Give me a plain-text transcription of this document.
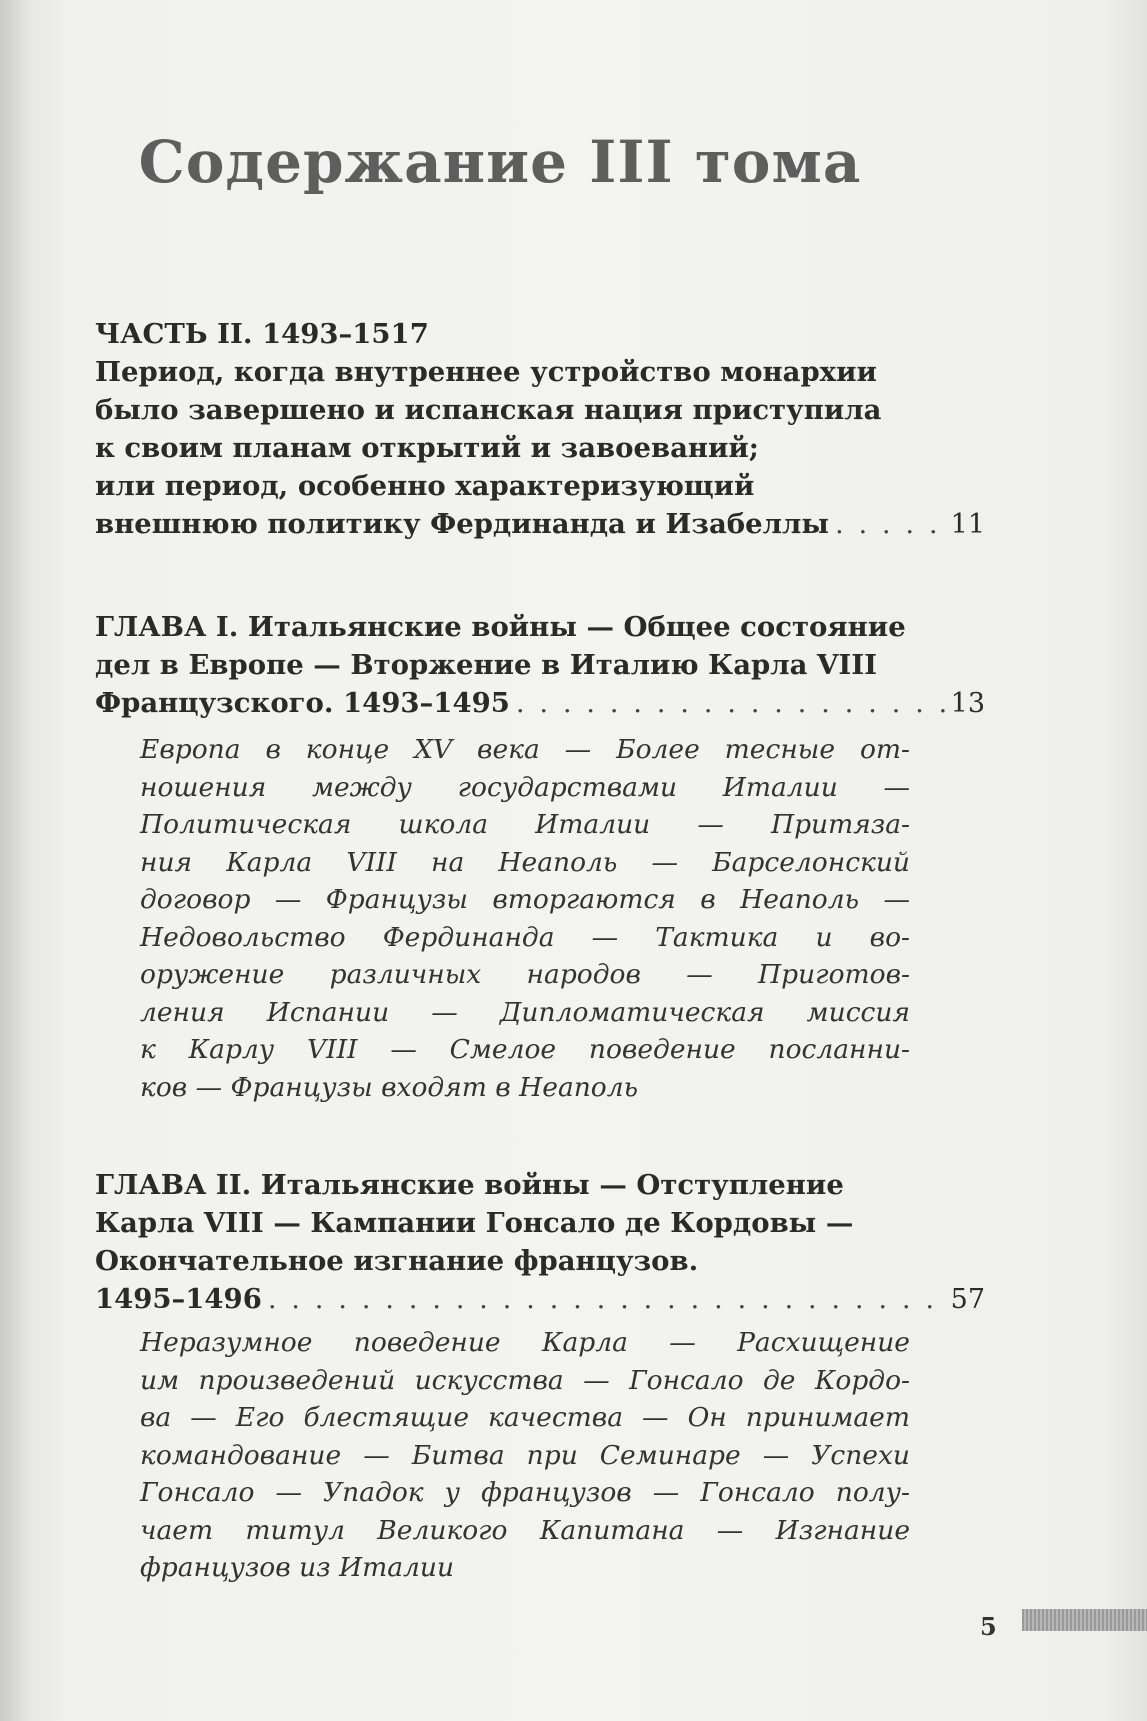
Содержание III тома
ЧАСТЬ II. 1493–1517
Период, когда внутреннее устройство монархии
было завершено и испанская нация приступила
к своим планам открытий и завоеваний;
или период, особенно характеризующий
внешнюю политику Фердинанда и Изабеллы . . .	11
ГЛАВА I. Итальянские войны — Общее состояние
дел в Европе — Вторжение в Италию Карла VIII
Французского. 1493–1495 . . .	13
Европа в конце XV века — Более тесные от-
ношения между государствами Италии —
Политическая школа Италии — Притяза-
ния Карла VIII на Неаполь — Барселонский
договор — Французы вторгаются в Неаполь —
Недовольство Фердинанда — Тактика и во-
оружение различных народов — Приготов-
ления Испании — Дипломатическая миссия
к Карлу VIII — Смелое поведение посланни-
ков — Французы входят в Неаполь
ГЛАВА II. Итальянские войны — Отступление
Карла VIII — Кампании Гонсало де Кордовы —
Окончательное изгнание французов.
1495–1496 . . .	57
Неразумное поведение Карла — Расхищение
им произведений искусства — Гонсало де Кордо-
ва — Его блестящие качества — Он принимает
командование — Битва при Семинаре — Успехи
Гонсало — Упадок у французов — Гонсало полу-
чает титул Великого Капитана — Изгнание
французов из Италии
5
